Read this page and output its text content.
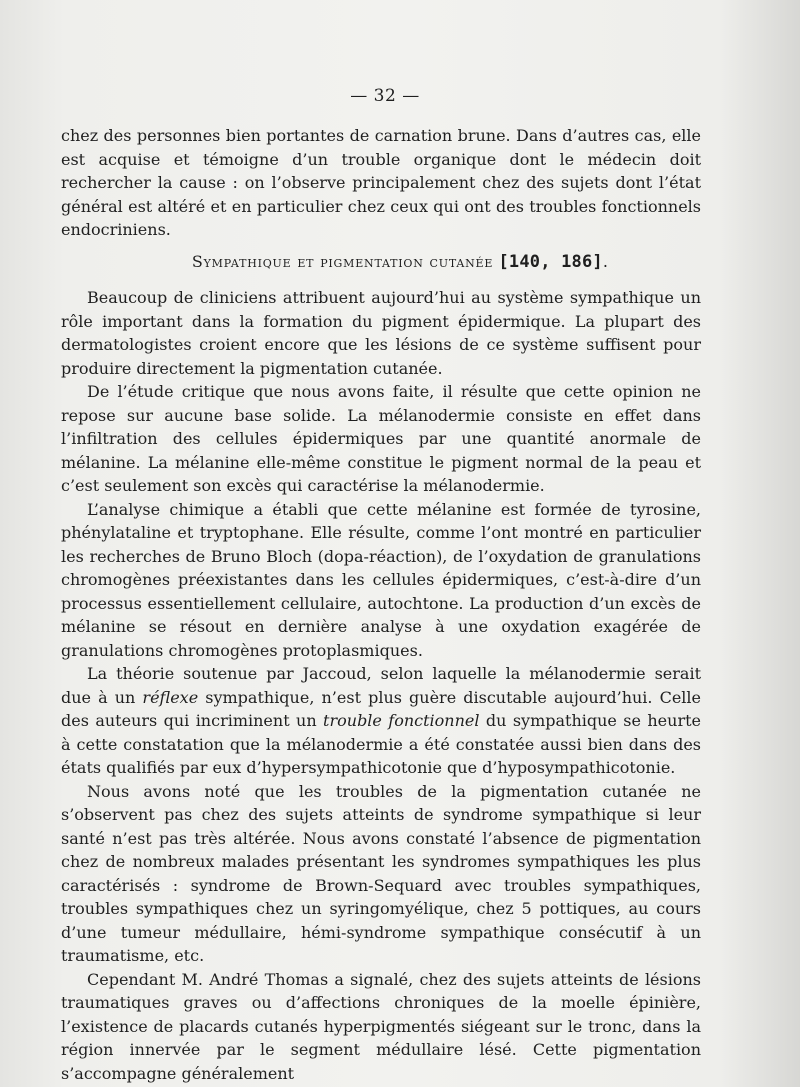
— 32 —
chez des personnes bien portantes de carnation brune. Dans d’autres cas, elle est acquise et témoigne d’un trouble organique dont le médecin doit rechercher la cause : on l’observe principalement chez des sujets dont l’état général est altéré et en particulier chez ceux qui ont des troubles fonctionnels endocriniens.
Sympathique et pigmentation cutanée [140, 186].

Beaucoup de cliniciens attribuent aujourd’hui au système sympathique un rôle important dans la formation du pigment épidermique. La plupart des dermatologistes croient encore que les lésions de ce système suffisent pour produire directement la pigmentation cutanée.

De l’étude critique que nous avons faite, il résulte que cette opinion ne repose sur aucune base solide. La mélanodermie consiste en effet dans l’infiltration des cellules épidermiques par une quantité anormale de mélanine. La mélanine elle-même constitue le pigment normal de la peau et c’est seulement son excès qui caractérise la mélanodermie.

L’analyse chimique a établi que cette mélanine est formée de tyrosine, phénylataline et tryptophane. Elle résulte, comme l’ont montré en particulier les recherches de Bruno Bloch (dopa-réaction), de l’oxydation de granulations chromogènes préexistantes dans les cellules épidermiques, c’est-à-dire d’un processus essentiellement cellulaire, autochtone. La production d’un excès de mélanine se résout en dernière analyse à une oxydation exagérée de granulations chromogènes protoplasmiques.

La théorie soutenue par Jaccoud, selon laquelle la mélanodermie serait due à un réflexe sympathique, n’est plus guère discutable aujourd’hui. Celle des auteurs qui incriminent un trouble fonctionnel du sympathique se heurte à cette constatation que la mélanodermie a été constatée aussi bien dans des états qualifiés par eux d’hypersympathicotonie que d’hyposympathicotonie.

Nous avons noté que les troubles de la pigmentation cutanée ne s’observent pas chez des sujets atteints de syndrome sympathique si leur santé n’est pas très altérée. Nous avons constaté l’absence de pigmentation chez de nombreux malades présentant les syndromes sympathiques les plus caractérisés : syndrome de Brown-Sequard avec troubles sympathiques, troubles sympathiques chez un syringomyélique, chez 5 pottiques, au cours d’une tumeur médullaire, hémi-syndrome sympathique consécutif à un traumatisme, etc.

Cependant M. André Thomas a signalé, chez des sujets atteints de lésions traumatiques graves ou d’affections chroniques de la moelle épinière, l’existence de placards cutanés hyperpigmentés siégeant sur le tronc, dans la région innervée par le segment médullaire lésé. Cette pigmentation s’accompagne généralement
